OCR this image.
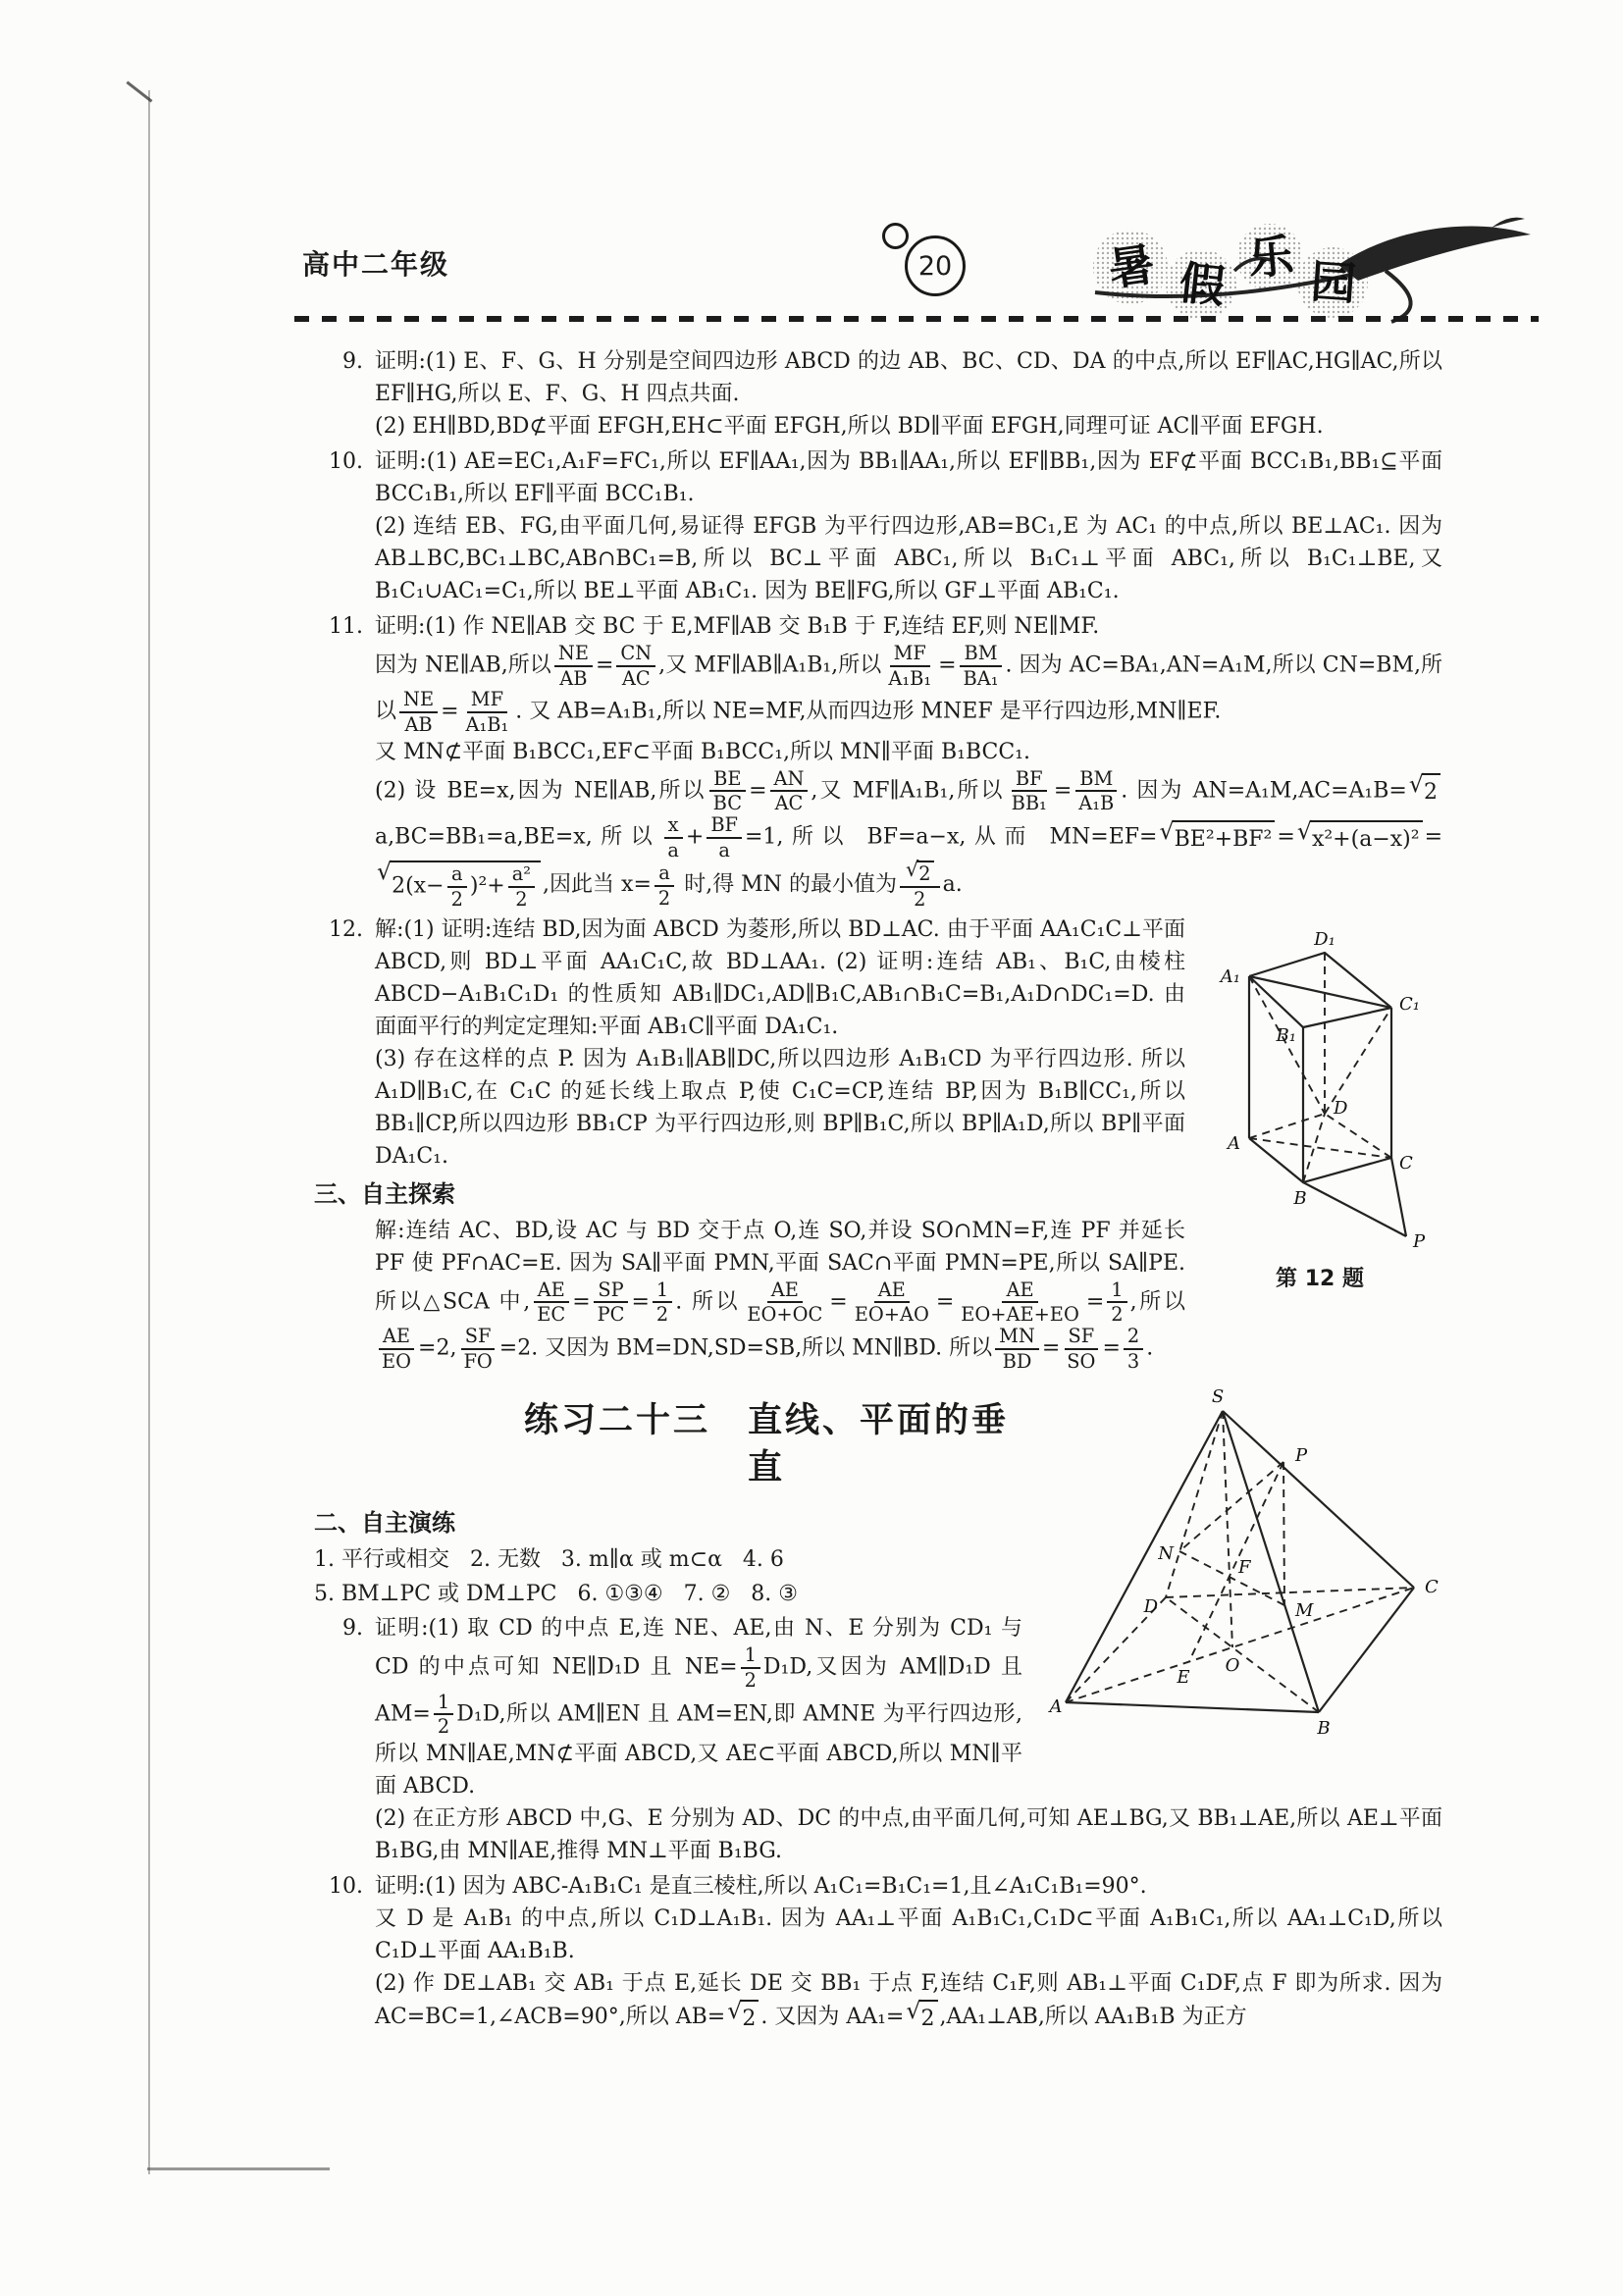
高中二年级	20	暑 假 乐 园
9. 证明:(1) E、F、G、H 分别是空间四边形 ABCD 的边 AB、BC、CD、DA 的中点,所以 EF∥AC,HG∥AC,所以 EF∥HG,所以 E、F、G、H 四点共面.
(2) EH∥BD,BD⊄平面 EFGH,EH⊂平面 EFGH,所以 BD∥平面 EFGH,同理可证 AC∥平面 EFGH.
10. 证明:(1) AE=EC₁,A₁F=FC₁,所以 EF∥AA₁,因为 BB₁∥AA₁,所以 EF∥BB₁,因为 EF⊄平面 BCC₁B₁,BB₁⊆平面 BCC₁B₁,所以 EF∥平面 BCC₁B₁.
(2) 连结 EB、FG,由平面几何,易证得 EFGB 为平行四边形,AB=BC₁,E 为 AC₁ 的中点,所以 BE⊥AC₁. 因为 AB⊥BC,BC₁⊥BC,AB∩BC₁=B,所以 BC⊥平面 ABC₁,所以 B₁C₁⊥平面 ABC₁,所以 B₁C₁⊥BE,又 B₁C₁∪AC₁=C₁,所以 BE⊥平面 AB₁C₁. 因为 BE∥FG,所以 GF⊥平面 AB₁C₁.
11. 证明:(1) 作 NE∥AB 交 BC 于 E,MF∥AB 交 B₁B 于 F,连结 EF,则 NE∥MF.
因为 NE∥AB,所以 $\frac{NE}{AB} = \frac{CN}{AC}$ ,又 MF∥AB∥A₁B₁,所以 $\frac{MF}{\text{A₁B₁}} = \frac{BM}{\text{BA₁}}$ . 因为 AC=BA₁,AN=A₁M,所以 CN=BM,所以 $\frac{NE}{AB} = \frac{MF}{\text{A₁B₁}}$ . 又 AB=A₁B₁,所以 NE=MF,从而四边形 MNEF 是平行四边形,MN∥EF.
又 MN⊄平面 B₁BCC₁,EF⊂平面 B₁BCC₁,所以 MN∥平面 B₁BCC₁.
(2) 设 BE=x,因为 NE∥AB,所以 $\frac{BE}{BC} = \frac{AN}{AC}$ ,又 MF∥A₁B₁,所以 $\frac{BF}{\text{BB₁}} = \frac{BM}{\text{A₁B}}$ . 因为 AN=A₁M,AC=A₁B= √ 2
a,BC=BB₁=a,BE=x,所以 $\frac{x}{a} + \frac{BF}{a} =1$,所以 BF=a−x,从而 MN=EF= √ BE²+BF² = √ x²+(a−x)² =
√
$2(x- \frac{a}{2} )^2+ \frac{\text{a²}}{2}$ ,因此当 $x= \frac{a}{2}$ 时,得 MN 的最小值为 $\frac{√ 2}{2} a$.
A₁
D₁
C₁
B₁
A
D
C
B
P
第 12 题
12. 解:(1) 证明:连结 BD,因为面 ABCD 为菱形,所以 BD⊥AC. 由于平面 AA₁C₁C⊥平面 ABCD,则 BD⊥平面 AA₁C₁C,故 BD⊥AA₁. (2) 证明:连结 AB₁、B₁C,由棱柱 ABCD−A₁B₁C₁D₁ 的性质知 AB₁∥DC₁,AD∥B₁C,AB₁∩B₁C=B₁,A₁D∩DC₁=D. 由面面平行的判定定理知:平面 AB₁C∥平面 DA₁C₁.
(3) 存在这样的点 P. 因为 A₁B₁∥AB∥DC,所以四边形 A₁B₁CD 为平行四边形. 所以 A₁D∥B₁C,在 C₁C 的延长线上取点 P,使 C₁C=CP,连结 BP,因为 B₁B∥CC₁,所以 BB₁∥CP,所以四边形 BB₁CP 为平行四边形,则 BP∥B₁C,所以 BP∥A₁D,所以 BP∥平面 DA₁C₁.
三、自主探索
解:连结 AC、BD,设 AC 与 BD 交于点 O,连 SO,并设 SO∩MN=F,连 PF 并延长 PF 使 PF∩AC=E. 因为 SA∥平面 PMN,平面 SAC∩平面 PMN=PE,所以 SA∥PE. 所以△SCA 中, $\frac{AE}{EC} = \frac{SP}{PC} = \frac{1}{2}$ . 所以 $\frac{AE}{EO+OC} = \frac{AE}{EO+AO} = \frac{AE}{EO+AE+EO} = \frac{1}{2}$ ,所以
$\frac{AE}{EO} =2$, $\frac{SF}{FO} =2$. 又因为 BM=DN,SD=SB,所以 MN∥BD. 所以 $\frac{MN}{BD} = \frac{SF}{SO} = \frac{2}{3}$ .
S
P
N
F
C
D	M
O
E
A
B
练习二十三　直线、平面的垂直
二、自主演练
1. 平行或相交   2. 无数   3. m∥α 或 m⊂α   4. 6
5. BM⊥PC 或 DM⊥PC   6. ①③④   7. ②   8. ③
9. 证明:(1) 取 CD 的中点 E,连 NE、AE,由 N、E 分别为 CD₁ 与 CD 的中点可知 NE∥D₁D 且 $NE= \frac{1}{2} D_1D$,又因为 AM∥D₁D 且 $AM= \frac{1}{2} D_1D$,所以 AM∥EN 且 AM=EN,即 AMNE 为平行四边形,所以 MN∥AE,MN⊄平面 ABCD,又 AE⊂平面 ABCD,所以 MN∥平面 ABCD.
(2) 在正方形 ABCD 中,G、E 分别为 AD、DC 的中点,由平面几何,可知 AE⊥BG,又 BB₁⊥AE,所以 AE⊥平面 B₁BG,由 MN∥AE,推得 MN⊥平面 B₁BG.
10. 证明:(1) 因为 ABC-A₁B₁C₁ 是直三棱柱,所以 A₁C₁=B₁C₁=1,且∠A₁C₁B₁=90°.
又 D 是 A₁B₁ 的中点,所以 C₁D⊥A₁B₁. 因为 AA₁⊥平面 A₁B₁C₁,C₁D⊂平面 A₁B₁C₁,所以 AA₁⊥C₁D,所以 C₁D⊥平面 AA₁B₁B.
(2) 作 DE⊥AB₁ 交 AB₁ 于点 E,延长 DE 交 BB₁ 于点 F,连结 C₁F,则 AB₁⊥平面 C₁DF,点 F 即为所求. 因为 AC=BC=1,∠ACB=90°,所以 AB= √ 2 . 又因为 AA₁= √ 2 ,AA₁⊥AB,所以 AA₁B₁B 为正方
